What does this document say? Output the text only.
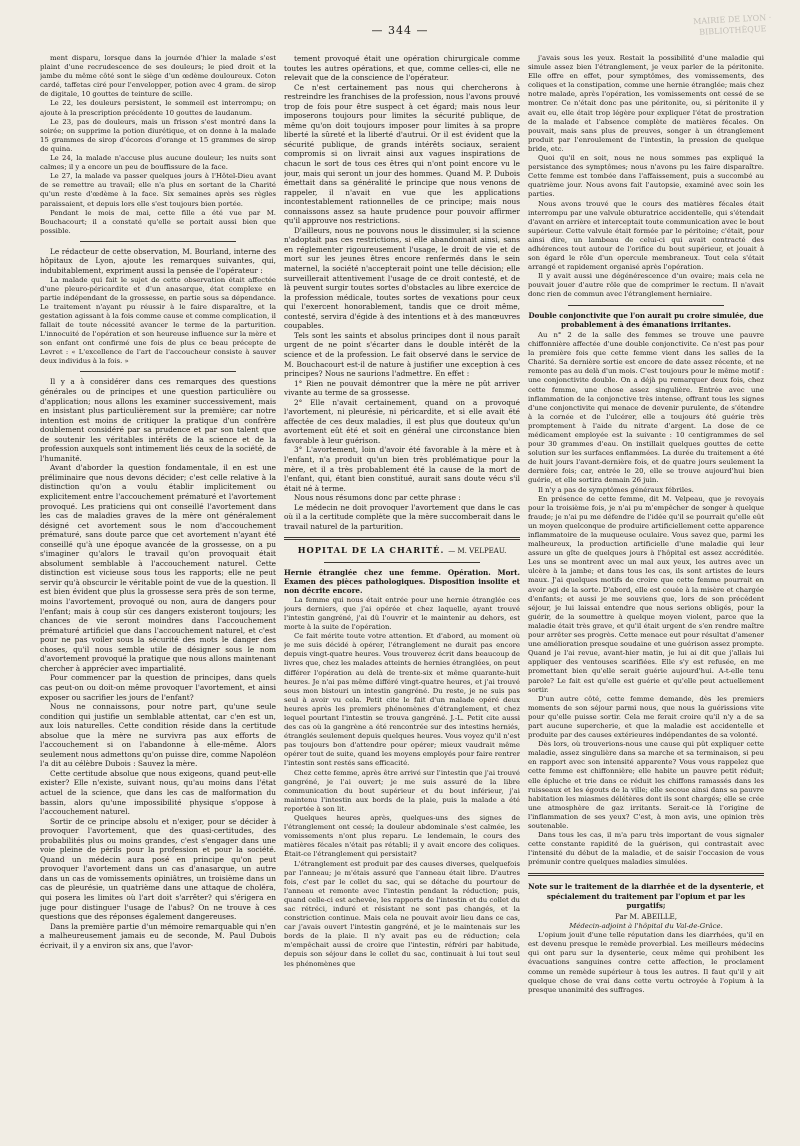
— 344 —
MAIRIE DE LYON · BIBLIOTHÈQUE

ment disparu, lorsque dans la journée d'hier la malade s'est plaint d'une recrudescence de ses douleurs; le pied droit et la jambe du même côté sont le siège d'un œdème douloureux. Coton cardé, taffetas ciré pour l'envelopper, potion avec 4 gram. de sirop de digitale, 10 gouttes de teinture de scille.

Le 22, les douleurs persistent, le sommeil est interrompu; on ajoute à la prescription précédente 10 gouttes de laudanum.

Le 23, pas de douleurs, mais un frisson s'est montré dans la soirée; on supprime la potion diurétique, et on donne à la malade 15 grammes de sirop d'écorces d'orange et 15 grammes de sirop de quina.

Le 24, la malade n'accuse plus aucune douleur; les nuits sont calmes; il y a encore un peu de bouffissure de la face.

Le 27, la malade va passer quelques jours à l'Hôtel-Dieu avant de se remettre au travail; elle n'a plus en sortant de la Charité qu'un reste d'œdème à la face. Six semaines après ses règles paraissaient, et depuis lors elle s'est toujours bien portée.

Pendant le mois de mai, cette fille a été vue par M. Bouchacourt; il a constaté qu'elle se portait aussi bien que possible.

Le rédacteur de cette observation, M. Bourland, interne des hôpitaux de Lyon, ajoute les remarques suivantes, qui, indubitablement, expriment aussi la pensée de l'opérateur :

La malade qui fait le sujet de cette observation était affectée d'une pleuro-péricardite et d'un anasarque, état complexe en partie indépendant de la grossesse, en partie sous sa dépendance. Le traitement n'ayant pu réussir à le faire disparaître, et la gestation agissant à la fois comme cause et comme complication, il fallait de toute nécessité avancer le terme de la parturition. L'innocuité de l'opération et son heureuse influence sur la mère et son enfant ont confirmé une fois de plus ce beau précepte de Levret : « L'excellence de l'art de l'accoucheur consiste à sauver deux individus à la fois. »

Il y a à considérer dans ces remarques des questions générales ou de principes et une question particulière ou d'application; nous allons les examiner successivement, mais en insistant plus particulièrement sur la première; car notre intention est moins de critiquer la pratique d'un confrère doublement considéré par sa prudence et par son talent que de soutenir les véritables intérêts de la science et de la profession auxquels sont intimement liés ceux de la société, de l'humanité.

Avant d'aborder la question fondamentale, il en est une préliminaire que nous devons décider; c'est celle relative à la distinction qu'on a voulu établir implicitement ou explicitement entre l'accouchement prématuré et l'avortement provoqué. Les praticiens qui ont conseillé l'avortement dans les cas de maladies graves de la mère ont généralement désigné cet avortement sous le nom d'accouchement prématuré, sans doute parce que cet avortement n'ayant été conseillé qu'à une époque avancée de la grossesse, on a pu s'imaginer qu'alors le travail qu'on provoquait était absolument semblable à l'accouchement naturel. Cette distinction est vicieuse sous tous les rapports; elle ne peut servir qu'à obscurcir le véritable point de vue de la question. Il est bien évident que plus la grossesse sera près de son terme, moins l'avortement, provoqué ou non, aura de dangers pour l'enfant; mais à coup sûr ces dangers existeront toujours; les chances de vie seront moindres dans l'accouchement prématuré artificiel que dans l'accouchement naturel, et c'est pour ne pas voiler sous la sécurité des mots le danger des choses, qu'il nous semble utile de désigner sous le nom d'avortement provoqué la pratique que nous allons maintenant chercher à apprécier avec impartialité.

Pour commencer par la question de principes, dans quels cas peut-on ou doit-on même provoquer l'avortement, et ainsi exposer ou sacrifier les jours de l'enfant?

Nous ne connaissons, pour notre part, qu'une seule condition qui justifie un semblable attentat, car c'en est un, aux lois naturelles. Cette condition réside dans la certitude absolue que la mère ne survivra pas aux efforts de l'accouchement si on l'abandonne à elle-même. Alors seulement nous admettons qu'on puisse dire, comme Napoléon l'a dit au célèbre Dubois : Sauvez la mère.

Cette certitude absolue que nous exigeons, quand peut-elle exister? Elle n'existe, suivant nous, qu'au moins dans l'état actuel de la science, que dans les cas de malformation du bassin, alors qu'une impossibilité physique s'oppose à l'accouchement naturel.

Sortir de ce principe absolu et n'exiger, pour se décider à provoquer l'avortement, que des quasi-certitudes, des probabilités plus ou moins grandes, c'est s'engager dans une voie pleine de périls pour la profession et pour la société. Quand un médecin aura posé en principe qu'on peut provoquer l'avortement dans un cas d'anasarque, un autre dans un cas de vomissements opiniâtres, un troisième dans un cas de pleurésie, un quatrième dans une attaque de choléra, qui posera les limites où l'art doit s'arrêter? qui s'érigera en juge pour distinguer l'usage de l'abus? On ne trouve à ces questions que des réponses également dangereuses.

Dans la première partie d'un mémoire remarquable qui n'en a malheureusement jamais eu de seconde, M. Paul Dubois écrivait, il y a environ six ans, que l'avor-

tement provoqué était une opération chirurgicale comme toutes les autres opérations, et que, comme celles-ci, elle ne relevait que de la conscience de l'opérateur.

Ce n'est certainement pas nous qui chercherons à restreindre les franchises de la profession, nous l'avons prouvé trop de fois pour être suspect à cet égard; mais nous leur imposerons toujours pour limites la sécurité publique, de même qu'on doit toujours imposer pour limites à sa propre liberté la sûreté et la liberté d'autrui. Or il est évident que la sécurité publique, de grands intérêts sociaux, seraient compromis si on livrait ainsi aux vagues inspirations de chacun le sort de tous ces êtres qui n'ont point encore vu le jour, mais qui seront un jour des hommes. Quand M. P. Dubois émettait dans sa généralité le principe que nous venons de rappeler, il n'avait en vue que les applications incontestablement rationnelles de ce principe; mais nous connaissons assez sa haute prudence pour pouvoir affirmer qu'il approuve nos restrictions.

D'ailleurs, nous ne pouvons nous le dissimuler, si la science n'adoptait pas ces restrictions, si elle abandonnait ainsi, sans en réglementer rigoureusement l'usage, le droit de vie et de mort sur les jeunes êtres encore renfermés dans le sein maternel, la société n'accepterait point une telle décision; elle surveillerait attentivement l'usage de ce droit contesté, et de là peuvent surgir toutes sortes d'obstacles au libre exercice de la profession médicale, toutes sortes de vexations pour ceux qui l'exercent honorablement, tandis que ce droit même, contesté, servira d'égide à des intentions et à des manœuvres coupables.

Tels sont les saints et absolus principes dont il nous paraît urgent de ne point s'écarter dans le double intérêt de la science et de la profession. Le fait observé dans le service de M. Bouchacourt est-il de nature à justifier une exception à ces principes? Nous ne saurions l'admettre. En effet :

1° Rien ne pouvait démontrer que la mère ne pût arriver vivante au terme de sa grossesse.

2° Elle n'avait certainement, quand on a provoqué l'avortement, ni pleurésie, ni péricardite, et si elle avait été affectée de ces deux maladies, il est plus que douteux qu'un avortement eût été et soit en général une circonstance bien favorable à leur guérison.

3° L'avortement, loin d'avoir été favorable à la mère et à l'enfant, n'a produit qu'un bien très problématique pour la mère, et il a très probablement été la cause de la mort de l'enfant, qui, étant bien constitué, aurait sans doute vécu s'il était né à terme.

Nous nous résumons donc par cette phrase :

Le médecin ne doit provoquer l'avortement que dans le cas où il a la certitude complète que la mère succomberait dans le travail naturel de la parturition.

HOPITAL DE LA CHARITÉ. — M. VELPEAU.

Hernie étranglée chez une femme. Opération. Mort. Examen des pièces pathologiques. Disposition insolite et non décrite encore.

La femme qui nous était entrée pour une hernie étranglée ces jours derniers, que j'ai opérée et chez laquelle, ayant trouvé l'intestin gangréné, j'ai dû l'ouvrir et le maintenir au dehors, est morte à la suite de l'opération.

Ce fait mérite toute votre attention. Et d'abord, au moment où je me suis décidé à opérer, l'étranglement ne durait pas encore depuis vingt-quatre heures. Vous trouverez écrit dans beaucoup de livres que, chez les malades atteints de hernies étranglées, on peut différer l'opération au delà de trente-six et même quarante-huit heures. Je n'ai pas même différé vingt-quatre heures, et j'ai trouvé sous mon bistouri un intestin gangréné. Du reste, je ne suis pas seul à avoir vu cela. Petit cite le fait d'un malade opéré deux heures après les premiers phénomènes d'étranglement, et chez lequel pourtant l'intestin se trouva gangréné. J.-L. Petit cite aussi des cas où la gangrène a été rencontrée sur des intestins herniés, étranglés seulement depuis quelques heures. Vous voyez qu'il n'est pas toujours bon d'attendre pour opérer; mieux vaudrait même opérer tout de suite, quand les moyens employés pour faire rentrer l'intestin sont restés sans efficacité.

Chez cette femme, après être arrivé sur l'intestin que j'ai trouvé gangréné, je l'ai ouvert; je me suis assuré de la libre communication du bout supérieur et du bout inférieur, j'ai maintenu l'intestin aux bords de la plaie, puis la malade a été reportée à son lit.

Quelques heures après, quelques-uns des signes de l'étranglement ont cessé; la douleur abdominale s'est calmée, les vomissements n'ont plus reparu. Le lendemain, le cours des matières fécales n'était pas rétabli; il y avait encore des coliques. Était-ce l'étranglement qui persistait?

L'étranglement est produit par des causes diverses, quelquefois par l'anneau; je m'étais assuré que l'anneau était libre. D'autres fois, c'est par le collet du sac, qui se détache du pourtour de l'anneau et remonte avec l'intestin pendant la réduction; puis, quand celle-ci est achevée, les rapports de l'intestin et du collet du sac rétréci, induré et résistant ne sont pas changés, et la constriction continue. Mais cela ne pouvait avoir lieu dans ce cas, car j'avais ouvert l'intestin gangréné, et je le maintenais sur les bords de la plaie. Il n'y avait pas eu de réduction; cela m'empêchait aussi de croire que l'intestin, réfréri par habitude, depuis son séjour dans le collet du sac, continuait à lui tout seul les phénomènes que

j'avais sous les yeux. Restait la possibilité d'une maladie qui simule assez bien l'étranglement, je veux parler de la péritonite. Elle offre en effet, pour symptômes, des vomissements, des coliques et la constipation, comme une hernie étranglée; mais chez notre malade, après l'opération, les vomissements ont cessé de se montrer. Ce n'était donc pas une péritonite, ou, si péritonite il y avait eu, elle était trop légère pour expliquer l'état de prostration de la malade et l'absence complète de matières fécales. On pouvait, mais sans plus de preuves, songer à un étranglement produit par l'enroulement de l'intestin, la pression de quelque bride, etc.

Quoi qu'il en soit, nous ne nous sommes pas expliqué la persistance des symptômes; nous n'avons pu les faire disparaître. Cette femme est tombée dans l'affaissement, puis a succombé au quatrième jour. Nous avons fait l'autopsie, examiné avec soin les parties.

Nous avons trouvé que le cours des matières fécales était interrompu par une valvule obturatrice accidentelle, qui s'étendait d'avant en arrière et interceptait toute communication avec le bout supérieur. Cette valvule était formée par le péritoine; c'était, pour ainsi dire, un lambeau de celui-ci qui avait contracté des adhérences tout autour de l'orifice du bout supérieur, et jouait à son égard le rôle d'un opercule membraneux. Tout cela s'était arrangé et rapidement organisé après l'opération.

Il y avait aussi une dégénérescence d'un ovaire; mais cela ne pouvait jouer d'autre rôle que de comprimer le rectum. Il n'avait donc rien de commun avec l'étranglement herniaire.

Double conjonctivite que l'on aurait pu croire simulée, due probablement à des émanations irritantes.

Au n° 2 de la salle des femmes se trouve une pauvre chiffonnière affectée d'une double conjonctivite. Ce n'est pas pour la première fois que cette femme vient dans les salles de la Charité. Sa dernière sortie est encore de date assez récente, et ne remonte pas au delà d'un mois. C'est toujours pour le même motif : une conjonctivite double. On a déjà pu remarquer deux fois, chez cette femme, une chose assez singulière. Entrée avec une inflammation de la conjonctive très intense, offrant tous les signes d'une conjonctivite qui menace de devenir purulente, de s'étendre à la cornée et de l'ulcérer, elle a toujours été guérie très promptement à l'aide du nitrate d'argent. La dose de ce médicament employée est la suivante : 10 centigrammes de sel pour 30 grammes d'eau. On instillait quelques gouttes de cette solution sur les surfaces enflammées. La durée du traitement a été de huit jours l'avant-dernière fois, et de quatre jours seulement la dernière fois; car, entrée le 20, elle se trouve aujourd'hui bien guérie, et elle sortira demain 26 juin.

Il n'y a pas de symptômes généraux fébriles.

En présence de cette femme, dit M. Velpeau, que je revoyais pour la troisième fois, je n'ai pu m'empêcher de songer à quelque fraude; je n'ai pu me défendre de l'idée qu'il se pourrait qu'elle eût un moyen quelconque de produire artificiellement cette apparence inflammatoire de la muqueuse oculaire. Vous savez que, parmi les malheureux, la production artificielle d'une maladie qui leur assure un gîte de quelques jours à l'hôpital est assez accréditée. Les uns se montrent avec un mal aux yeux, les autres avec un ulcère à la jambe; et dans tous les cas, ils sont artistes de leurs maux. J'ai quelques motifs de croire que cette femme pourrait en avoir agi de la sorte. D'abord, elle est couée à la misère et chargée d'enfants; et aussi je me souviens que, lors de son précédent séjour, je lui laissai entendre que nous serions obligés, pour la guérir, de la soumettre à quelque moyen violent, parce que la maladie était très grave, et qu'il était urgent de s'en rendre maître pour arrêter ses progrès. Cette menace eut pour résultat d'amener une amélioration presque soudaine et une guérison assez prompte. Quand je l'ai revue, avant-hier matin, je lui ai dit que j'allais lui appliquer des ventouses scarifiées. Elle s'y est refusée, en me promettant bien qu'elle serait guérie aujourd'hui. A-t-elle tenu parole? Le fait est qu'elle est guérie et qu'elle peut actuellement sortir.

D'un autre côté, cette femme demande, dès les premiers moments de son séjour parmi nous, que nous la guérissions vite pour qu'elle puisse sortir. Cela me ferait croire qu'il n'y a de sa part aucune supercherie, et que la maladie est accidentelle et produite par des causes extérieures indépendantes de sa volonté.

Dès lors, où trouverions-nous une cause qui pût expliquer cette maladie, assez singulière dans sa marche et sa terminaison, si peu en rapport avec son intensité apparente? Vous vous rappelez que cette femme est chiffonnière; elle habite un pauvre petit réduit; elle épluche et trie dans ce réduit les chiffons ramassés dans les ruisseaux et les égouts de la ville; elle secoue ainsi dans sa pauvre habitation les miasmes délétères dont ils sont chargés; elle se crée une atmosphère de gaz irritants. Serait-ce là l'origine de l'inflammation de ses yeux? C'est, à mon avis, une opinion très soutenable.

Dans tous les cas, il m'a paru très important de vous signaler cette constante rapidité de la guérison, qui contrastait avec l'intensité du début de la maladie, et de saisir l'occasion de vous prémunir contre quelques maladies simulées.

Note sur le traitement de la diarrhée et de la dysenterie, et spécialement du traitement par l'opium et par les purgatifs;

Par M. ABEILLE,

Médecin-adjoint à l'hôpital du Val-de-Grâce.

L'opium jouit d'une telle réputation dans les diarrhées, qu'il en est devenu presque le remède proverbial. Les meilleurs médecins qui ont paru sur la dysenterie, ceux même qui prohibent les évacuations sanguines contre cette affection, le proclament comme un remède supérieur à tous les autres. Il faut qu'il y ait quelque chose de vrai dans cette vertu octroyée à l'opium à la presque unanimité des suffrages.
